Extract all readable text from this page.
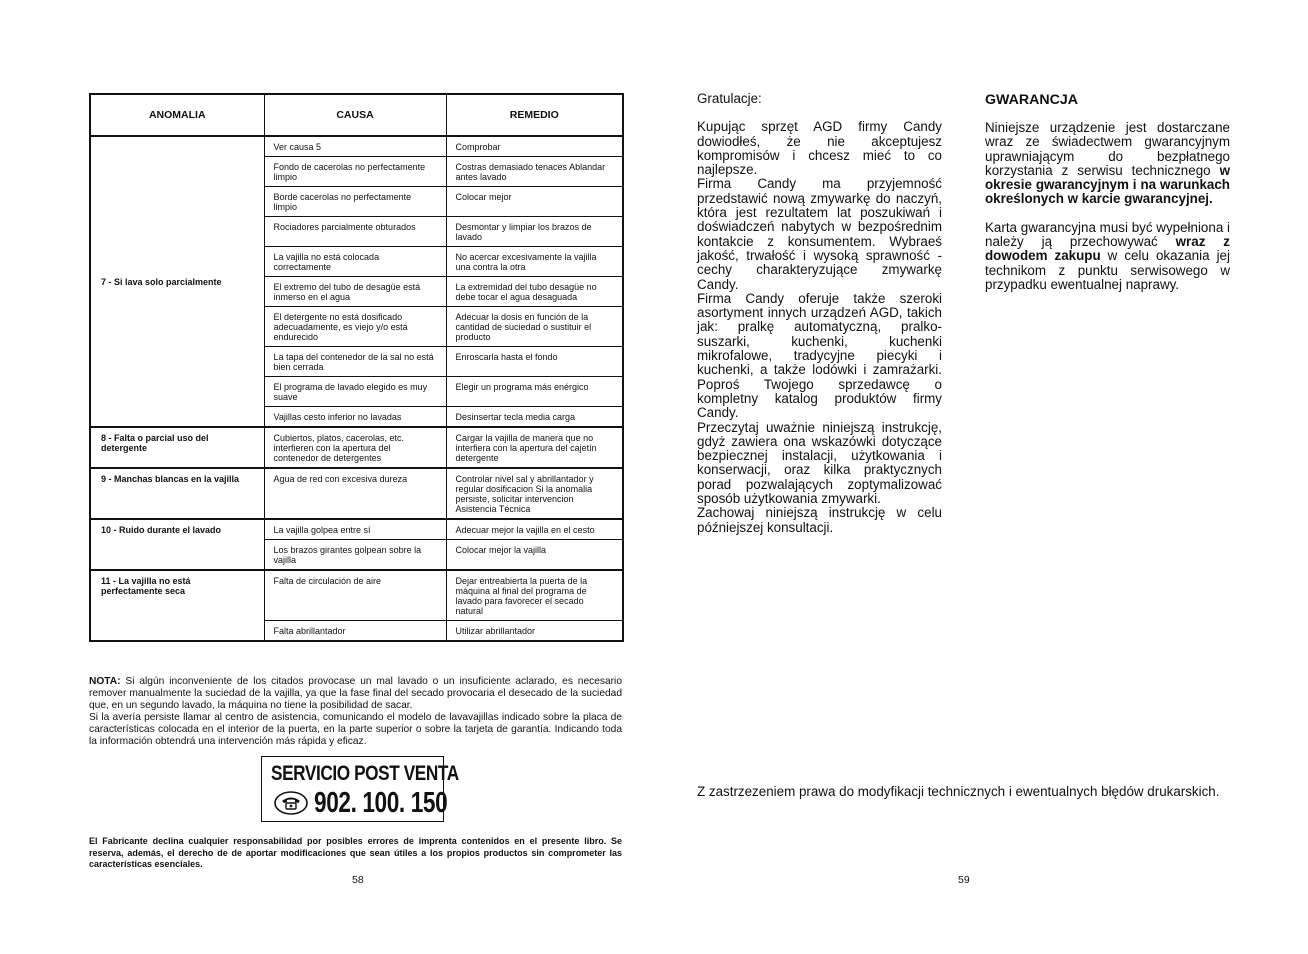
ANOMALIA	CAUSA	REMEDIO
7 - Si lava solo parcialmente	Ver causa 5	Comprobar
	Fondo de cacerolas no perfectamente limpio	Costras demasiado tenaces Ablandar antes lavado
	Borde cacerolas no perfectamente limpio	Colocar mejor
	Rociadores parcialmente obturados	Desmontar y limpiar los brazos de lavado
	La vajilla no está colocada correctamente	No acercar excesivamente la vajilla una contra la otra
	El extremo del tubo de desagüe está inmerso en el agua	La extremidad del tubo desagüe no debe tocar el agua desaguada
	El detergente no está dosificado adecuadamente, es viejo y/o está endurecido	Adecuar la dosis en función de la cantidad de suciedad o sustituir el producto
	La tapa del contenedor de la sal no está bien cerrada	Enroscarla hasta el fondo
	El programa de lavado elegido es muy suave	Elegir un programa más enérgico
	Vajillas cesto inferior no lavadas	Desinsertar tecla media carga
8 - Falta o parcial uso del detergente	Cubiertos, platos, cacerolas, etc. interfieren con la apertura del contenedor de detergentes	Cargar la vajilla de manera que no interfiera con la apertura del cajetín detergente
9 - Manchas blancas en la vajilla	Agua de red con excesiva dureza	Controlar nivel sal y abrillantador y regular dosificacion Si la anomalia persiste, solicitar intervencion Asistencia Técnica
10 - Ruido durante el lavado	La vajilla golpea entre sí	Adecuar mejor la vajilla en el cesto
	Los brazos girantes golpean sobre la vajilla	Colocar mejor la vajilla
11 - La vajilla no está perfectamente seca	Falta de circulación de aire	Dejar entreabierta la puerta de la máquina al final del programa de lavado para favorecer el secado natural
	Falta abrillantador	Utilizar abrillantador
NOTA: Si algún inconveniente de los citados provocase un mal lavado o un insuficiente aclarado, es necesario remover manualmente la suciedad de la vajilla, ya que la fase final del secado provocaria el desecado de la suciedad que, en un segundo lavado, la máquina no tiene la posibilidad de sacar.
Si la avería persiste llamar al centro de asistencia, comunicando el modelo de lavavajillas indicado sobre la placa de características colocada en el interior de la puerta, en la parte superior o sobre la tarjeta de garantía. Indicando toda la información obtendrá una intervención más rápida y eficaz.
SERVICIO POST VENTA
902. 100. 150
El Fabricante declina cualquier responsabilidad por posibles errores de imprenta contenidos en el presente libro. Se reserva, además, el derecho de de aportar modificaciones que sean útiles a los propios productos sin comprometer las características esenciales.
58

Gratulacje:

Kupując sprzęt AGD firmy Candy dowiodłeś, że nie akceptujesz kompromisów i chcesz mieć to co najlepsze.

Firma Candy ma przyjemność przedstawić nową zmywarkę do naczyń, która jest rezultatem lat poszukiwań i doświadczeń nabytych w bezpośrednim kontakcie z konsumentem. Wybraeś jakość, trwałość i wysoką sprawność - cechy charakteryzujące zmywarkę Candy.

Firma Candy oferuje także szeroki asortyment innych urządzeń AGD, takich jak: pralkę automatyczną, pralko-suszarki, kuchenki, kuchenki mikrofalowe, tradycyjne piecyki i kuchenki, a także lodówki i zamrażarki. Poproś Twojego sprzedawcę o kompletny katalog produktów firmy Candy.

Przeczytaj uważnie niniejszą instrukcję, gdyż zawiera ona wskazówki dotyczące bezpiecznej instalacji, użytkowania i konserwacji, oraz kilka praktycznych porad pozwalających zoptymalizować sposób użytkowania zmywarki.

Zachowaj niniejszą instrukcję w celu późniejszej konsultacji.

GWARANCJA

Niniejsze urządzenie jest dostarczane wraz ze świadectwem gwarancyjnym uprawniającym do bezpłatnego korzystania z serwisu technicznego w okresie gwarancyjnym i na warunkach określonych w karcie gwarancyjnej.

Karta gwarancyjna musi być wypełniona i należy ją przechowywać wraz z dowodem zakupu w celu okazania jej technikom z punktu serwisowego w przypadku ewentualnej naprawy.

Z zastrzezeniem prawa do modyfikacji technicznych i ewentualnych błędów drukarskich.
59
